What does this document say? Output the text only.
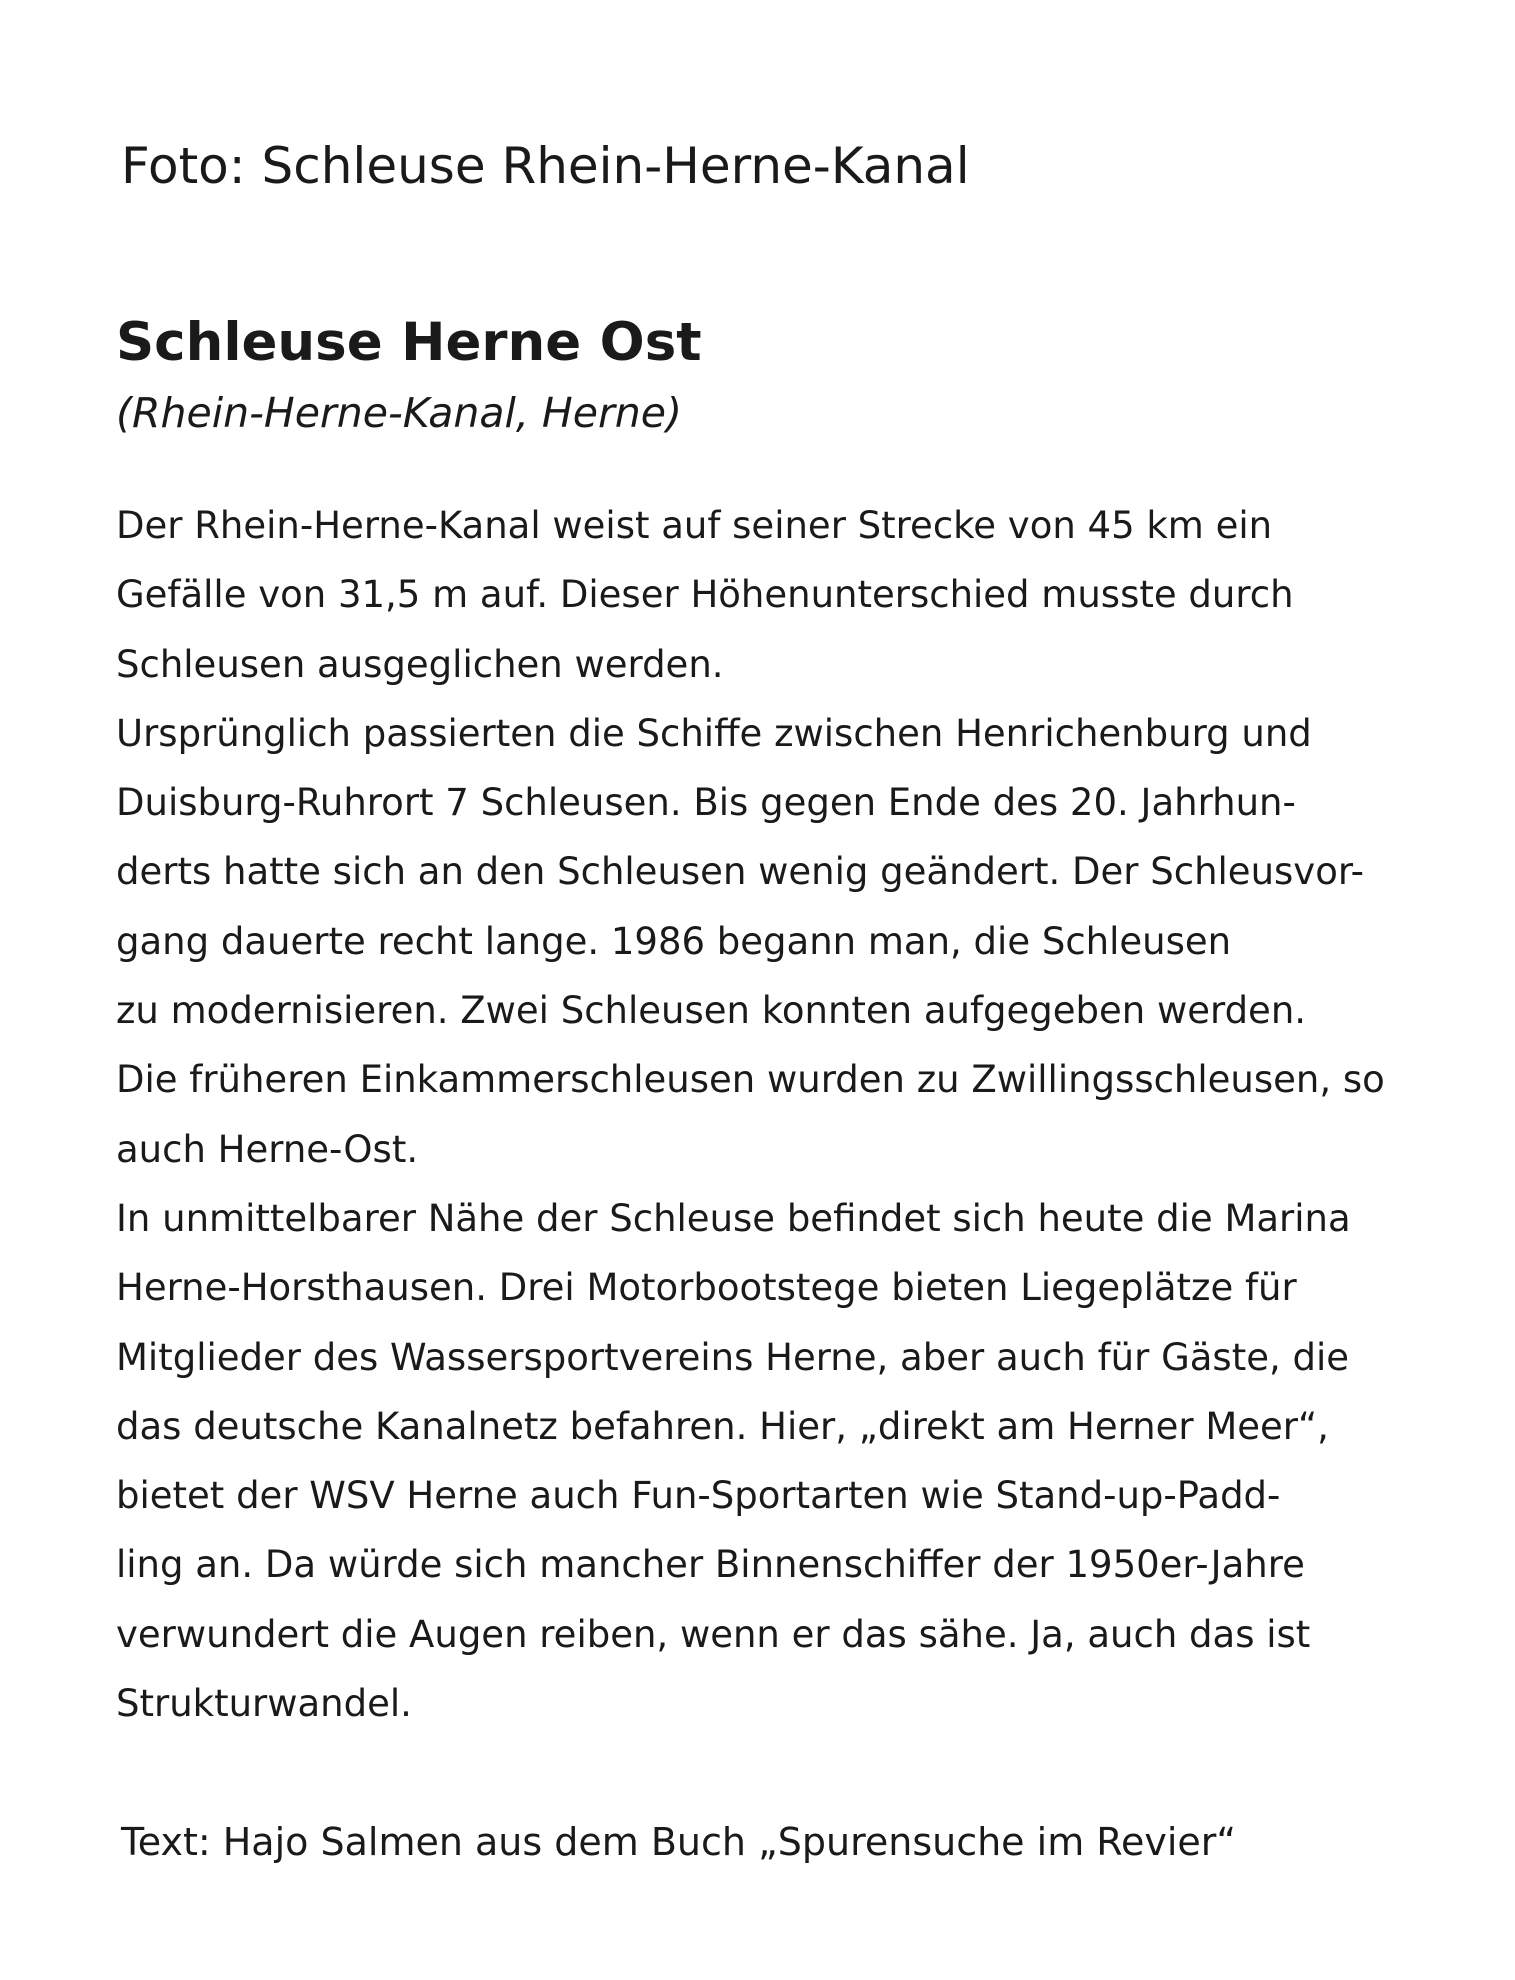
Foto: Schleuse Rhein-Herne-Kanal
Schleuse Herne Ost
(Rhein-Herne-Kanal, Herne)
Der Rhein-Herne-Kanal weist auf seiner Strecke von 45 km ein
Gefälle von 31,5 m auf. Dieser Höhenunterschied musste durch
Schleusen ausgeglichen werden.
Ursprünglich passierten die Schiffe zwischen Henrichenburg und
Duisburg-Ruhrort 7 Schleusen. Bis gegen Ende des 20. Jahrhun-
derts hatte sich an den Schleusen wenig geändert. Der Schleusvor-
gang dauerte recht lange. 1986 begann man, die Schleusen
zu modernisieren. Zwei Schleusen konnten aufgegeben werden.
Die früheren Einkammerschleusen wurden zu Zwillingsschleusen, so
auch Herne-Ost.
In unmittelbarer Nähe der Schleuse befindet sich heute die Marina
Herne-Horsthausen. Drei Motorbootstege bieten Liegeplätze für
Mitglieder des Wassersportvereins Herne, aber auch für Gäste, die
das deutsche Kanalnetz befahren. Hier, „direkt am Herner Meer“,
bietet der WSV Herne auch Fun-Sportarten wie Stand-up-Padd-
ling an. Da würde sich mancher Binnenschiffer der 1950er-Jahre
verwundert die Augen reiben, wenn er das sähe. Ja, auch das ist
Strukturwandel.
Text: Hajo Salmen aus dem Buch „Spurensuche im Revier“
